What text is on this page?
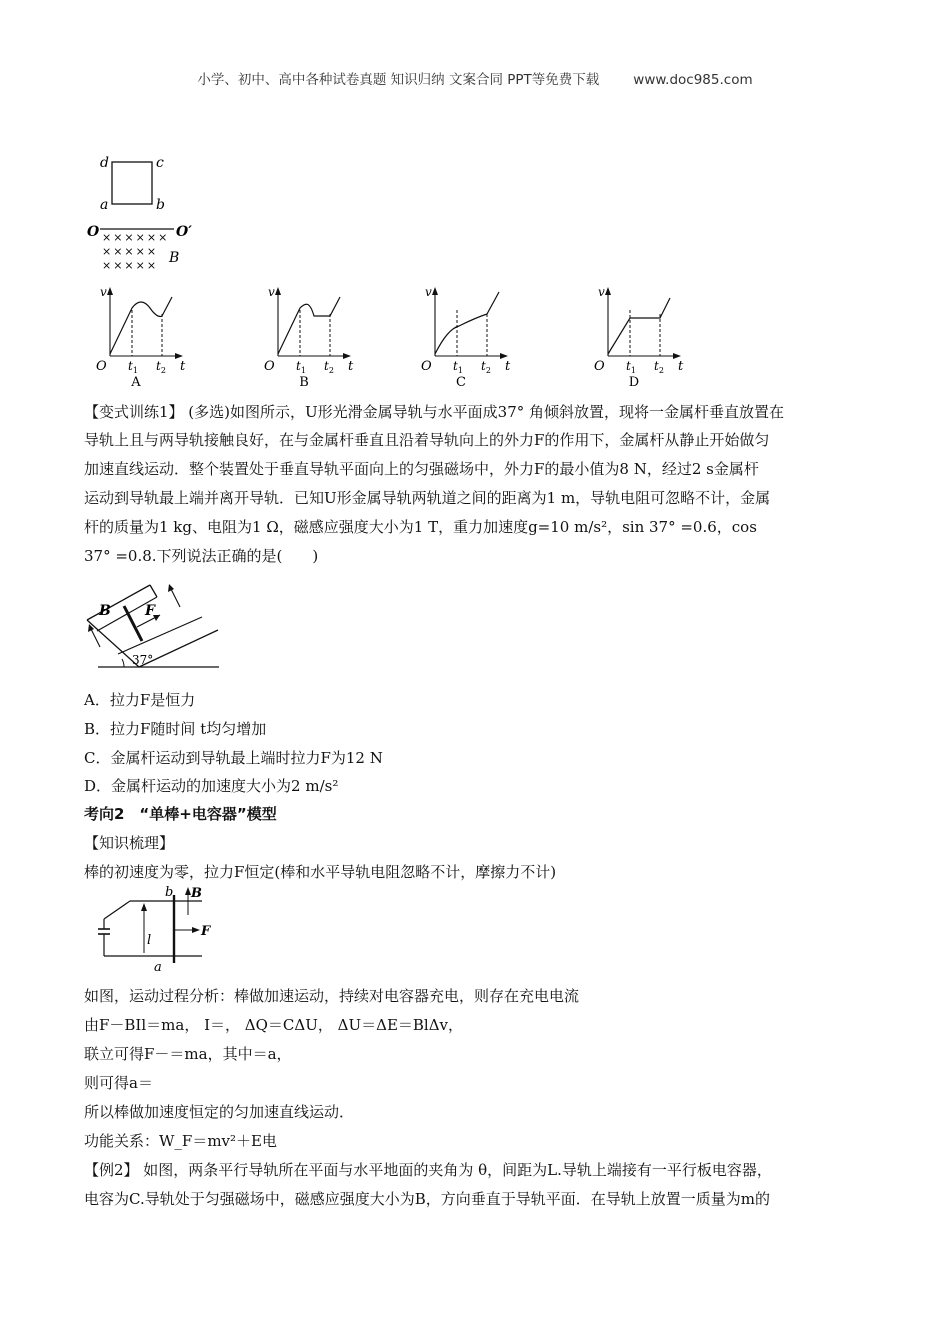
小学、初中、高中各种试卷真题 知识归纳 文案合同 PPT等免费下载	www.doc985.com
d	c
a	b
O	O′
××××××
×××××
××××× B
v
t
O $t_1$ $t_2$
A
v
t
O $t_1$ $t_2$
B
v
t
O $t_1$ $t_2$
C
v
t
O $t_1$ $t_2$
D
【变式训练1】 (多选)如图所示，U形光滑金属导轨与水平面成37° 角倾斜放置，现将一金属杆垂直放置在
导轨上且与两导轨接触良好，在与金属杆垂直且沿着导轨向上的外力F的作用下，金属杆从静止开始做匀
加速直线运动．整个装置处于垂直导轨平面向上的匀强磁场中，外力F的最小值为8 N，经过2 s金属杆
运动到导轨最上端并离开导轨．已知U形金属导轨两轨道之间的距离为1 m，导轨电阻可忽略不计，金属
杆的质量为1 kg、电阻为1 Ω，磁感应强度大小为1 T，重力加速度g=10 m/s²，sin 37° =0.6，cos
37° =0.8.下列说法正确的是(　　)
B F
37°
A．拉力F是恒力
B．拉力F随时间 t均匀增加
C．金属杆运动到导轨最上端时拉力F为12 N
D．金属杆运动的加速度大小为2 m/s²
考向2　“单棒+电容器”模型
【知识梳理】
棒的初速度为零，拉力F恒定(棒和水平导轨电阻忽略不计，摩擦力不计)
b B
F
l
a
如图，运动过程分析：棒做加速运动，持续对电容器充电，则存在充电电流
由F－BIl＝ma， I＝， ΔQ＝CΔU， ΔU＝ΔE＝BlΔv，
联立可得F－＝ma，其中＝a，
则可得a＝
所以棒做加速度恒定的匀加速直线运动．
功能关系：W_F＝mv²＋E电
【例2】 如图，两条平行导轨所在平面与水平地面的夹角为 θ，间距为L.导轨上端接有一平行板电容器，
电容为C.导轨处于匀强磁场中，磁感应强度大小为B，方向垂直于导轨平面．在导轨上放置一质量为m的
